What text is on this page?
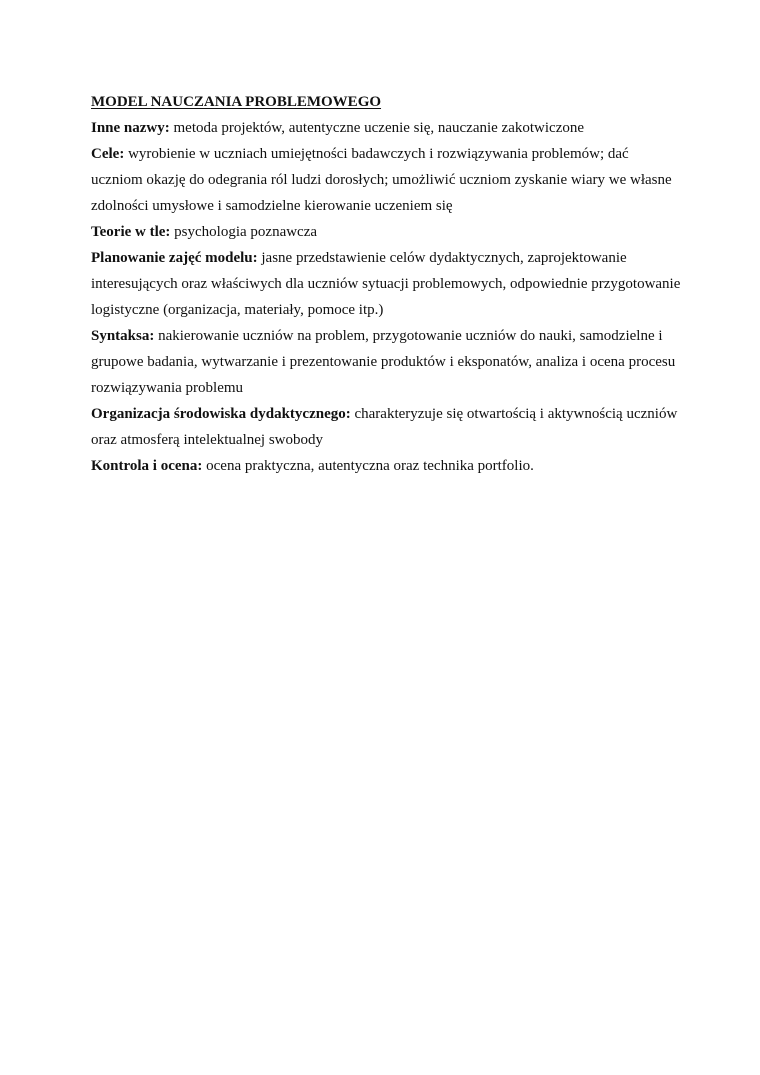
MODEL NAUCZANIA PROBLEMOWEGO

Inne nazwy: metoda projektów, autentyczne uczenie się, nauczanie zakotwiczone

Cele: wyrobienie w uczniach umiejętności badawczych i rozwiązywania problemów; dać uczniom okazję do odegrania ról ludzi dorosłych; umożliwić uczniom zyskanie wiary we własne zdolności umysłowe i samodzielne kierowanie uczeniem się

Teorie w tle: psychologia poznawcza

Planowanie zajęć modelu: jasne przedstawienie celów dydaktycznych, zaprojektowanie interesujących oraz właściwych dla uczniów sytuacji problemowych, odpowiednie przygotowanie logistyczne (organizacja, materiały, pomoce itp.)

Syntaksa: nakierowanie uczniów na problem, przygotowanie uczniów do nauki, samodzielne i grupowe badania, wytwarzanie i prezentowanie produktów i eksponatów, analiza i ocena procesu rozwiązywania problemu

Organizacja środowiska dydaktycznego: charakteryzuje się otwartością i aktywnością uczniów oraz atmosferą intelektualnej swobody

Kontrola i ocena: ocena praktyczna, autentyczna oraz technika portfolio.
